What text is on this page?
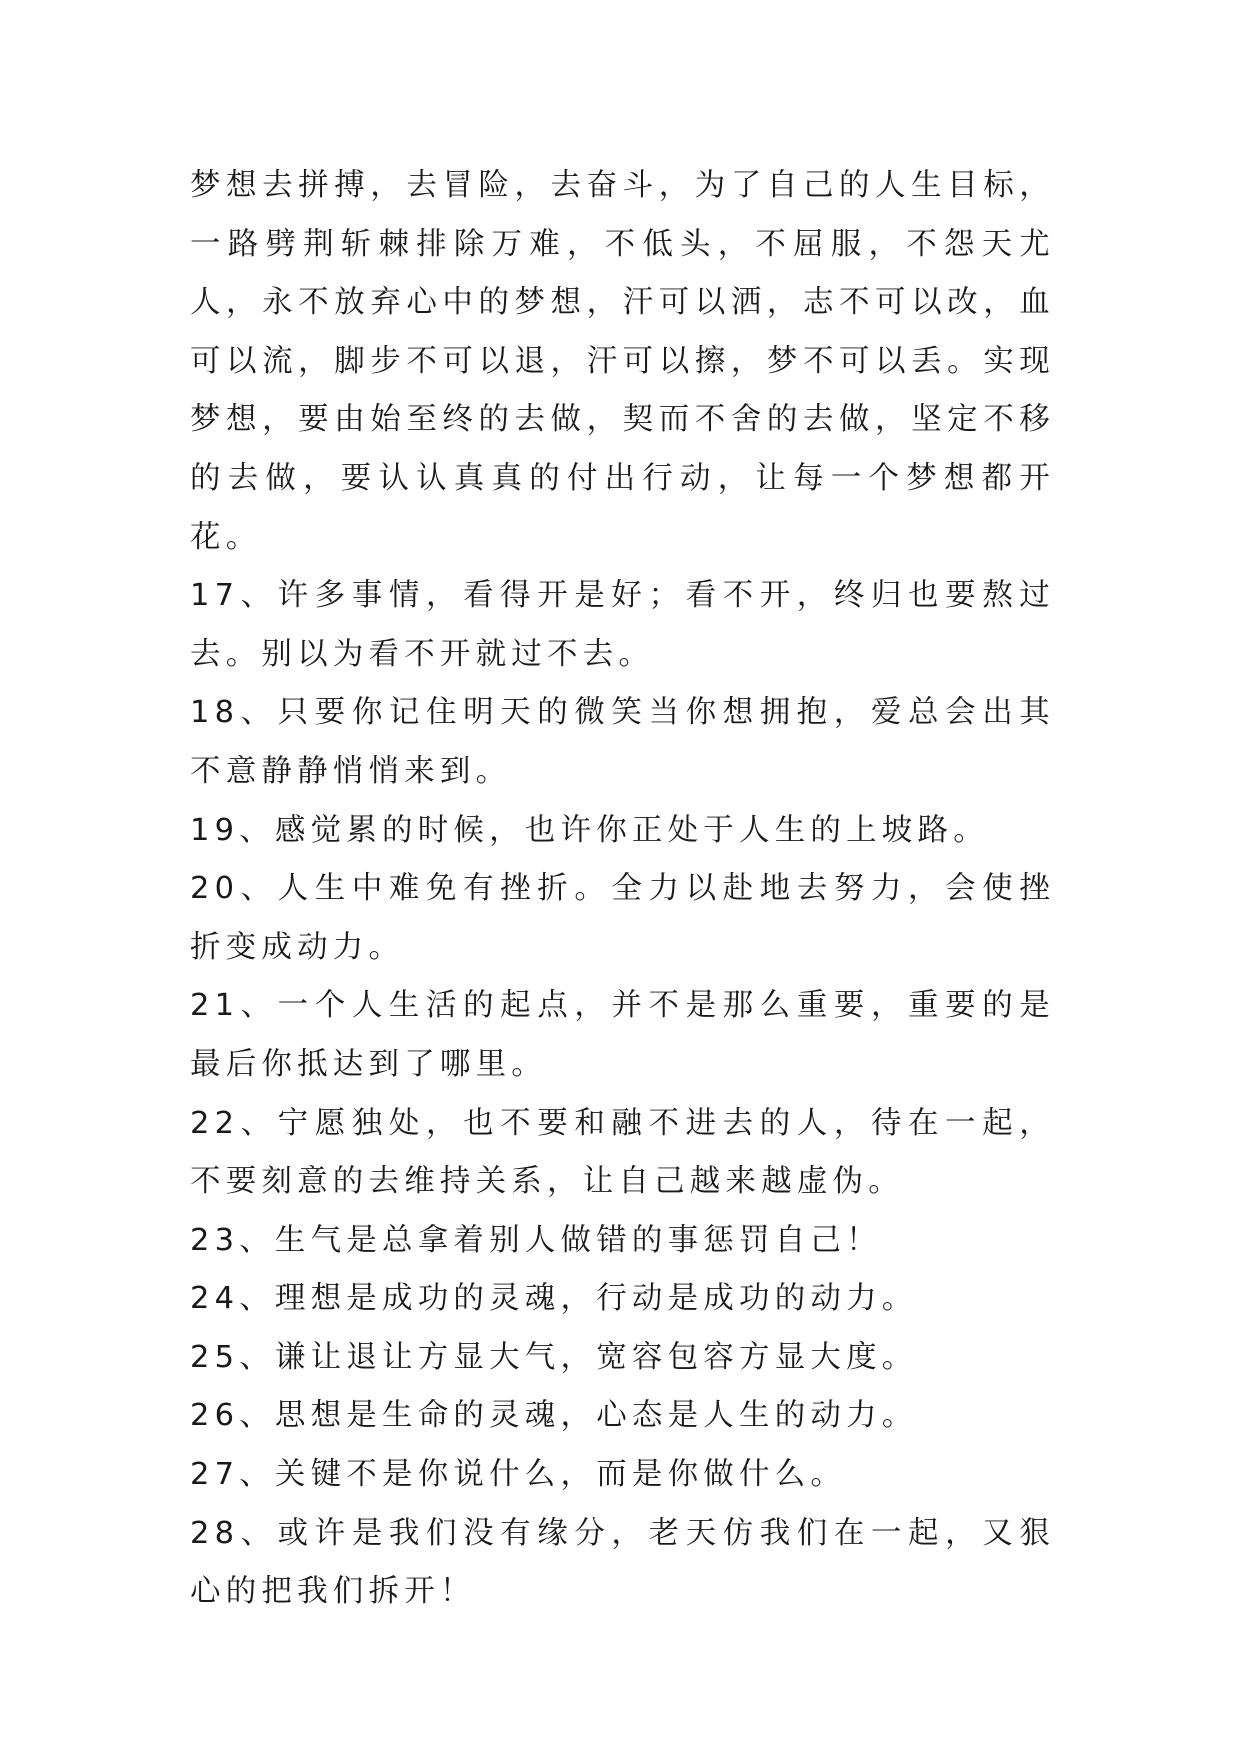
梦想去拼搏，去冒险，去奋斗，为了自己的人生目标，一路劈荆斩棘排除万难，不低头，不屈服，不怨天尤人，永不放弃心中的梦想，汗可以洒，志不可以改，血可以流，脚步不可以退，汗可以擦，梦不可以丢。实现梦想，要由始至终的去做，契而不舍的去做，坚定不移的去做，要认认真真的付出行动，让每一个梦想都开花。

17、许多事情，看得开是好；看不开，终归也要熬过去。别以为看不开就过不去。

18、只要你记住明天的微笑当你想拥抱，爱总会出其不意静静悄悄来到。

19、感觉累的时候，也许你正处于人生的上坡路。

20、人生中难免有挫折。全力以赴地去努力，会使挫折变成动力。

21、一个人生活的起点，并不是那么重要，重要的是最后你抵达到了哪里。

22、宁愿独处，也不要和融不进去的人，待在一起，不要刻意的去维持关系，让自己越来越虚伪。

23、生气是总拿着别人做错的事惩罚自己！

24、理想是成功的灵魂，行动是成功的动力。

25、谦让退让方显大气，宽容包容方显大度。

26、思想是生命的灵魂，心态是人生的动力。

27、关键不是你说什么，而是你做什么。

28、或许是我们没有缘分，老天仿我们在一起，又狠心的把我们拆开！
